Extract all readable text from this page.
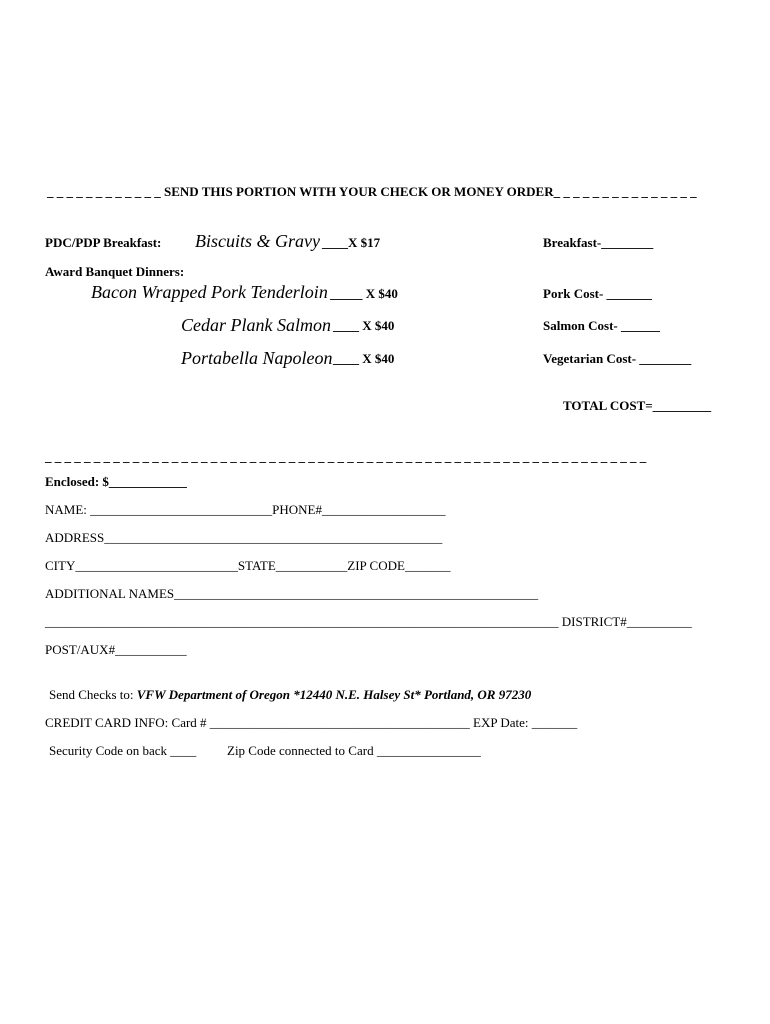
_ _ _ _ _ _ _ _ _ _ _ _ SEND THIS PORTION WITH YOUR CHECK OR MONEY ORDER_ _ _ _ _ _ _ _ _ _ _ _ _ _ _
PDC/PDP Breakfast: Biscuits & Gravy ____X $17	Breakfast-________
Award Banquet Dinners:
Bacon Wrapped Pork Tenderloin _____ X $40	Pork Cost- _______
Cedar Plank Salmon ____ X $40	Salmon Cost- ______
Portabella Napoleon ____ X $40	Vegetarian Cost- ________
TOTAL COST=_________
_ _ _ _ _ _ _ _ _ _ _ _ _ _ _ _ _ _ _ _ _ _ _ _ _ _ _ _ _ _ _ _ _ _ _ _ _ _ _ _ _ _ _ _ _ _ _ _ _ _ _ _ _ _ _ _ _ _ _ _ _ _
Enclosed: $____________
NAME: ____________________________PHONE#___________________
ADDRESS____________________________________________________
CITY_________________________STATE___________ZIP CODE_______
ADDITIONAL NAMES________________________________________________________
_______________________________________________________________________________ DISTRICT#__________
POST/AUX#___________
Send Checks to: VFW Department of Oregon *12440 N.E. Halsey St* Portland, OR 97230
CREDIT CARD INFO: Card # ________________________________________ EXP Date: _______
Security Code on back ____ Zip Code connected to Card ________________
